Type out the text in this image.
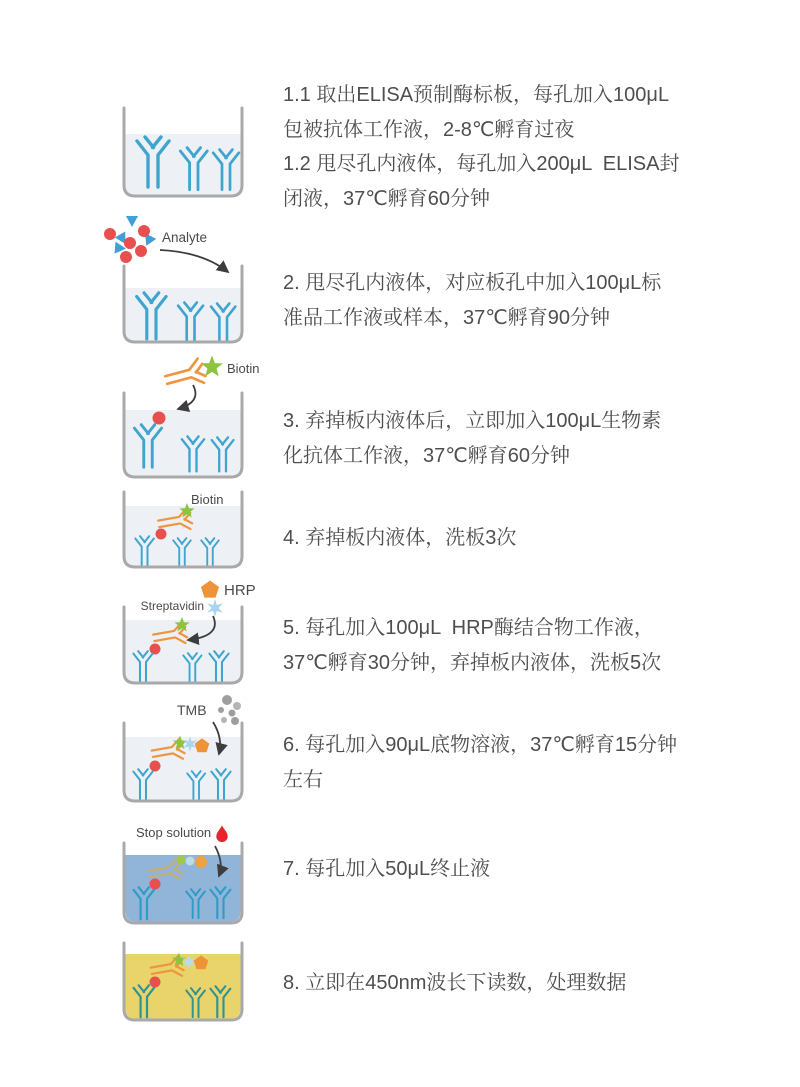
1.1 取出ELISA预制酶标板，每孔加入100μL
包被抗体工作液，2-8℃孵育过夜
1.2 甩尽孔内液体，每孔加入200μL  ELISA封
闭液，37℃孵育60分钟
Analyte
2. 甩尽孔内液体，对应板孔中加入100μL标
准品工作液或样本，37℃孵育90分钟
Biotin
3. 弃掉板内液体后，立即加入100μL生物素
化抗体工作液，37℃孵育60分钟
Biotin
4. 弃掉板内液体，洗板3次
Streptavidin
HRP
5. 每孔加入100μL  HRP酶结合物工作液，
37℃孵育30分钟，弃掉板内液体，洗板5次
TMB
6. 每孔加入90μL底物溶液，37℃孵育15分钟
左右
Stop solution
7. 每孔加入50μL终止液
8. 立即在450nm波长下读数，处理数据
